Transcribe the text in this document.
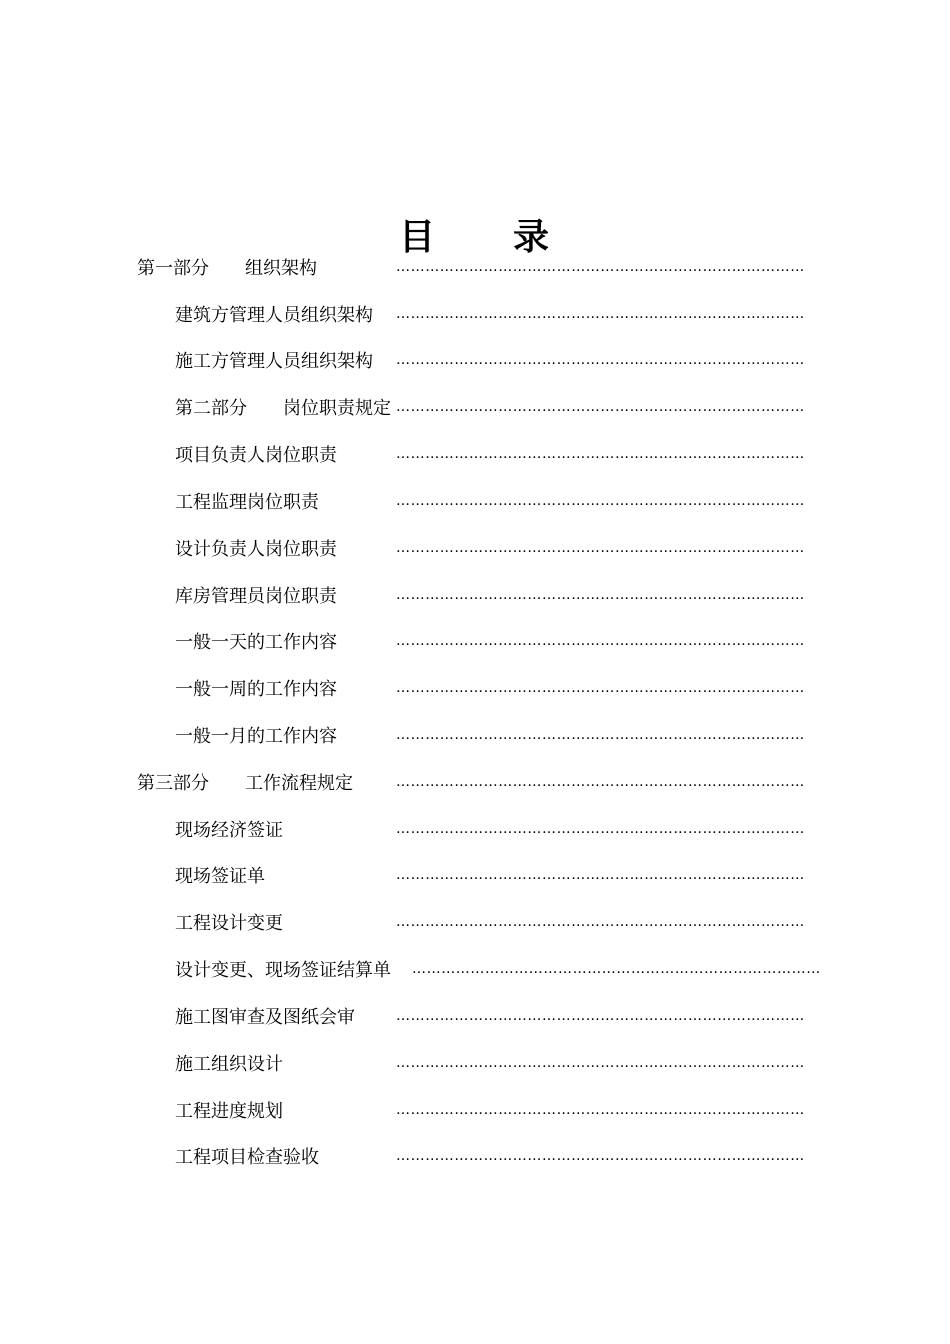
目　　录
第一部分　　组织架构	…………………………………………………………………………
建筑方管理人员组织架构 …………………………………………………………………………
施工方管理人员组织架构 …………………………………………………………………………
第二部分　　岗位职责规定 …………………………………………………………………………
项目负责人岗位职责	…………………………………………………………………………
工程监理岗位职责	…………………………………………………………………………
设计负责人岗位职责	…………………………………………………………………………
库房管理员岗位职责	…………………………………………………………………………
一般一天的工作内容	…………………………………………………………………………
一般一周的工作内容	…………………………………………………………………………
一般一月的工作内容	…………………………………………………………………………
第三部分　　工作流程规定	…………………………………………………………………………
现场经济签证	…………………………………………………………………………
现场签证单	…………………………………………………………………………
工程设计变更	…………………………………………………………………………
设计变更、现场签证结算单 …………………………………………………………………………
施工图审查及图纸会审	…………………………………………………………………………
施工组织设计	…………………………………………………………………………
工程进度规划	…………………………………………………………………………
工程项目检查验收	…………………………………………………………………………
